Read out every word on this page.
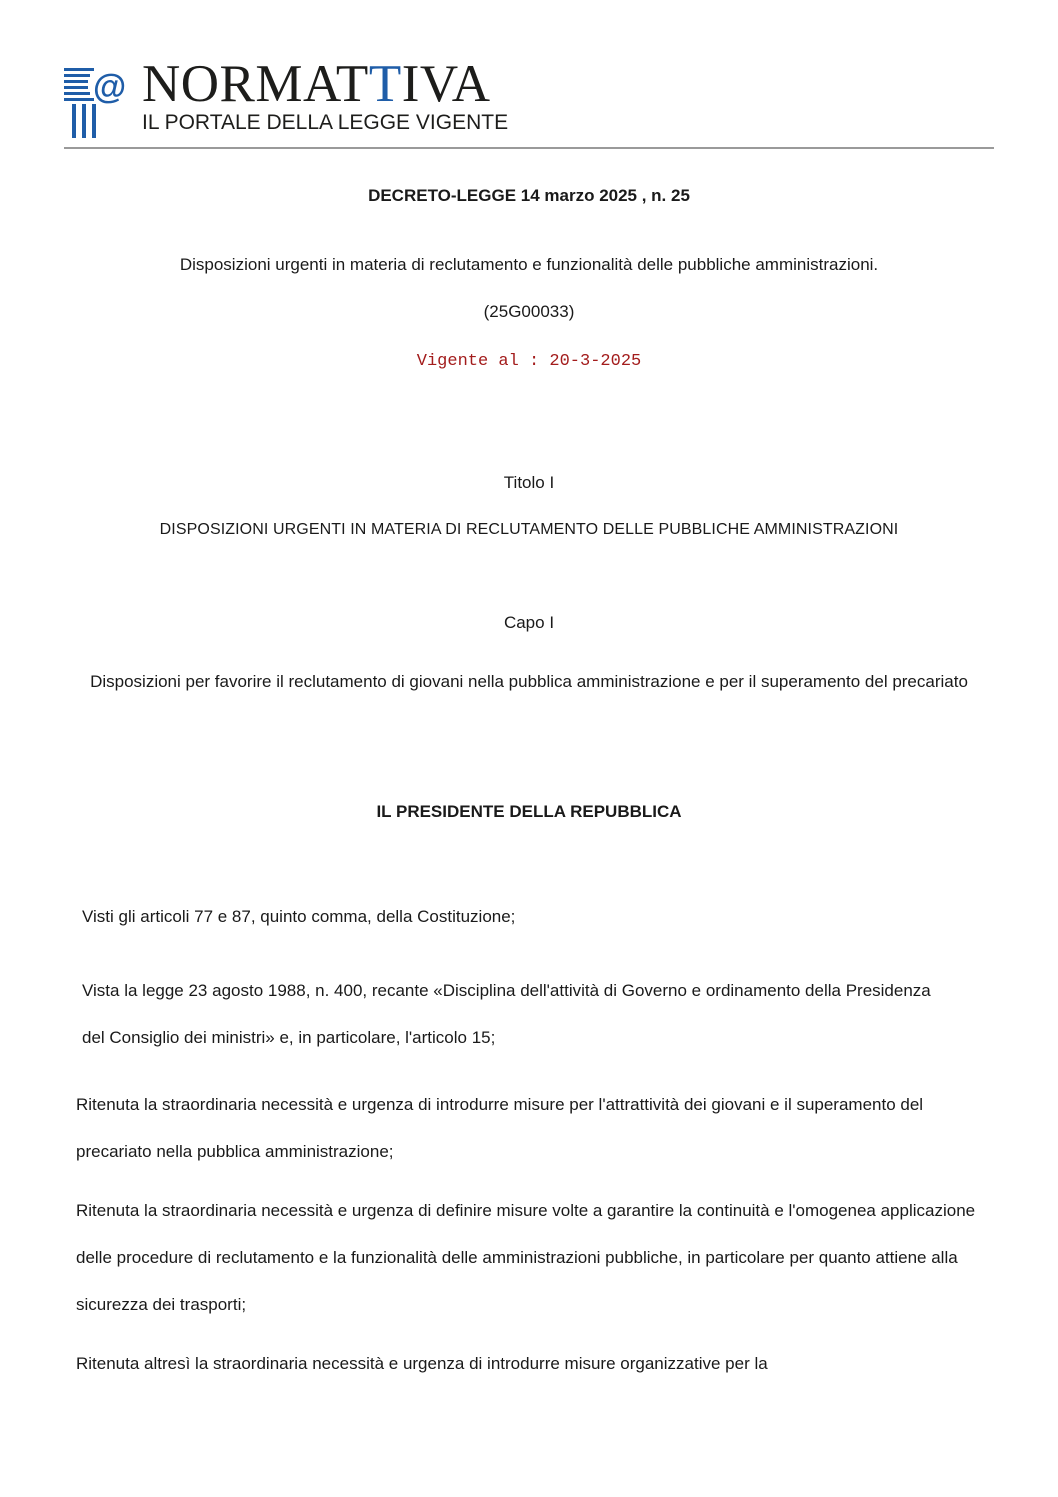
@ NORMATTIVA
IL PORTALE DELLA LEGGE VIGENTE
DECRETO-LEGGE 14 marzo 2025 , n. 25
Disposizioni urgenti in materia di reclutamento e funzionalità delle pubbliche amministrazioni.
(25G00033)
Vigente al : 20-3-2025
Titolo I
DISPOSIZIONI URGENTI IN MATERIA DI RECLUTAMENTO DELLE PUBBLICHE AMMINISTRAZIONI
Capo I
Disposizioni per favorire il reclutamento di giovani nella pubblica amministrazione e per il superamento del precariato
IL PRESIDENTE DELLA REPUBBLICA
Visti gli articoli 77 e 87, quinto comma, della Costituzione;
Vista la legge 23 agosto 1988, n. 400, recante «Disciplina dell'attività di Governo e ordinamento della Presidenza del Consiglio dei ministri» e, in particolare, l'articolo 15;
Ritenuta la straordinaria necessità e urgenza di introdurre misure per l'attrattività dei giovani e il superamento del precariato nella pubblica amministrazione;
Ritenuta la straordinaria necessità e urgenza di definire misure volte a garantire la continuità e l'omogenea applicazione delle procedure di reclutamento e la funzionalità delle amministrazioni pubbliche, in particolare per quanto attiene alla sicurezza dei trasporti;
Ritenuta altresì la straordinaria necessità e urgenza di introdurre misure organizzative per la
